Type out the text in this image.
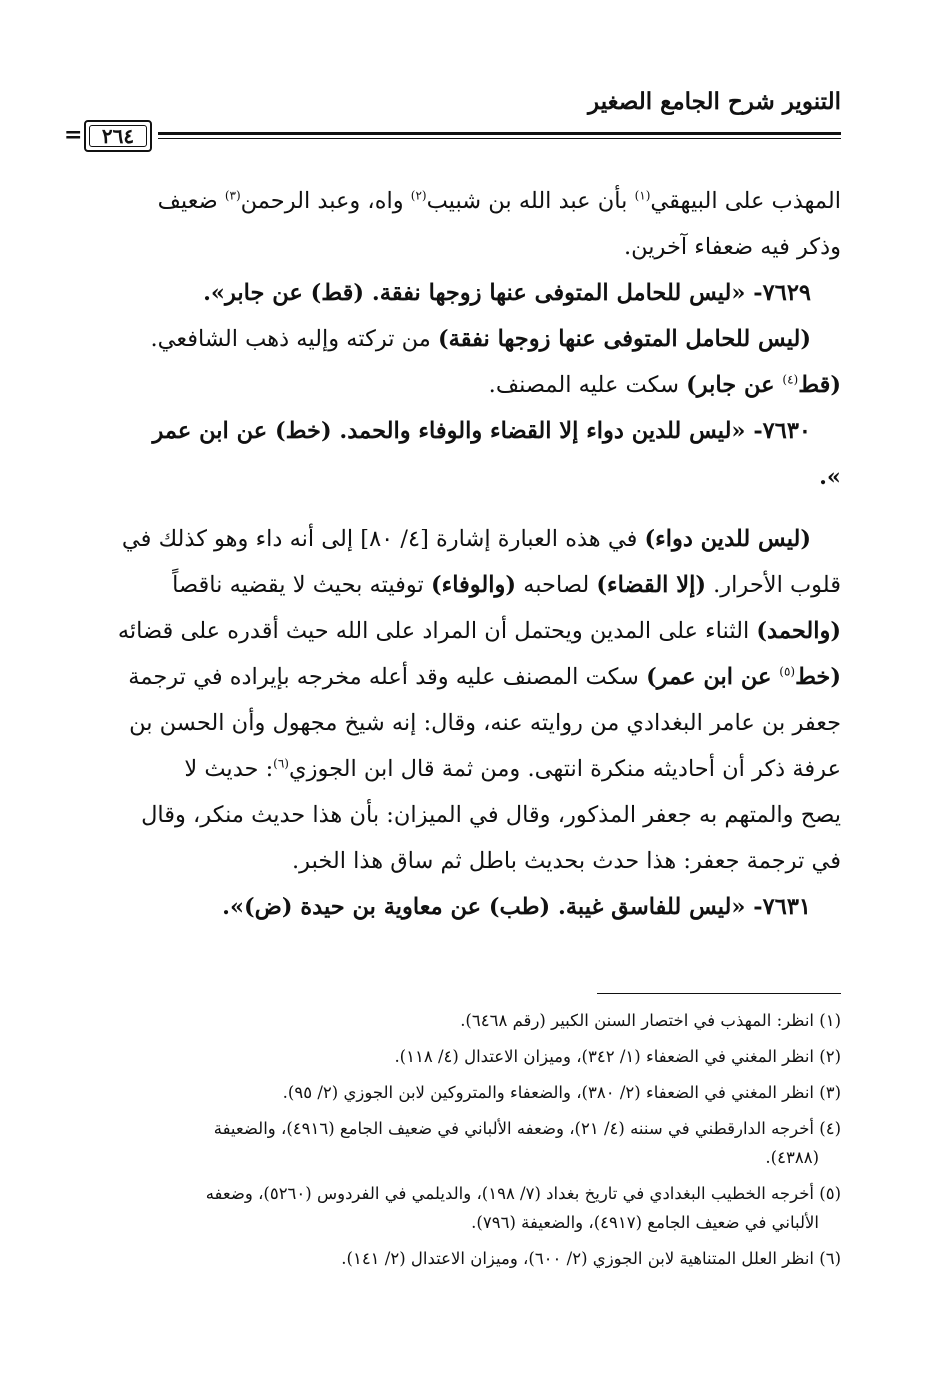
التنوير شرح الجامع الصغير
٢٦٤
=

المهذب على البيهقي$^{(١)}$ بأن عبد الله بن شبيب$^{(٢)}$ واه، وعبد الرحمن$^{(٣)}$ ضعيف

وذكر فيه ضعفاء آخرين.

٧٦٢٩- «ليس للحامل المتوفى عنها زوجها نفقة. (قط) عن جابر».

(ليس للحامل المتوفى عنها زوجها نفقة) من تركته وإليه ذهب الشافعي.

(قط$^{(٤)}$ عن جابر) سكت عليه المصنف.

٧٦٣٠- «ليس للدين دواء إلا القضاء والوفاء والحمد. (خط) عن ابن عمر

».

(ليس للدين دواء) في هذه العبارة إشارة [٤/ ٨٠] إلى أنه داء وهو كذلك في

قلوب الأحرار. (إلا القضاء) لصاحبه (والوفاء) توفيته بحيث لا يقضيه ناقصاً

(والحمد) الثناء على المدين ويحتمل أن المراد على الله حيث أقدره على قضائه

(خط$^{(٥)}$ عن ابن عمر) سكت المصنف عليه وقد أعله مخرجه بإيراده في ترجمة

جعفر بن عامر البغدادي من روايته عنه، وقال: إنه شيخ مجهول وأن الحسن بن

عرفة ذكر أن أحاديثه منكرة انتهى. ومن ثمة قال ابن الجوزي$^{(٦)}$: حديث لا

يصح والمتهم به جعفر المذكور، وقال في الميزان: بأن هذا حديث منكر، وقال

في ترجمة جعفر: هذا حدث بحديث باطل ثم ساق هذا الخبر.

٧٦٣١- «ليس للفاسق غيبة. (طب) عن معاوية بن حيدة (ض)».

(١) انظر: المهذب في اختصار السنن الكبير (رقم ٦٤٦٨).

(٢) انظر المغني في الضعفاء (١/ ٣٤٢)، وميزان الاعتدال (٤/ ١١٨).

(٣) انظر المغني في الضعفاء (٢/ ٣٨٠)، والضعفاء والمتروكين لابن الجوزي (٢/ ٩٥).

(٤) أخرجه الدارقطني في سننه (٤/ ٢١)، وضعفه الألباني في ضعيف الجامع (٤٩١٦)، والضعيفة

(٤٣٨٨).

(٥) أخرجه الخطيب البغدادي في تاريخ بغداد (٧/ ١٩٨)، والديلمي في الفردوس (٥٢٦٠)، وضعفه

الألباني في ضعيف الجامع (٤٩١٧)، والضعيفة (٧٩٦).

(٦) انظر العلل المتناهية لابن الجوزي (٢/ ٦٠٠)، وميزان الاعتدال (٢/ ١٤١).
